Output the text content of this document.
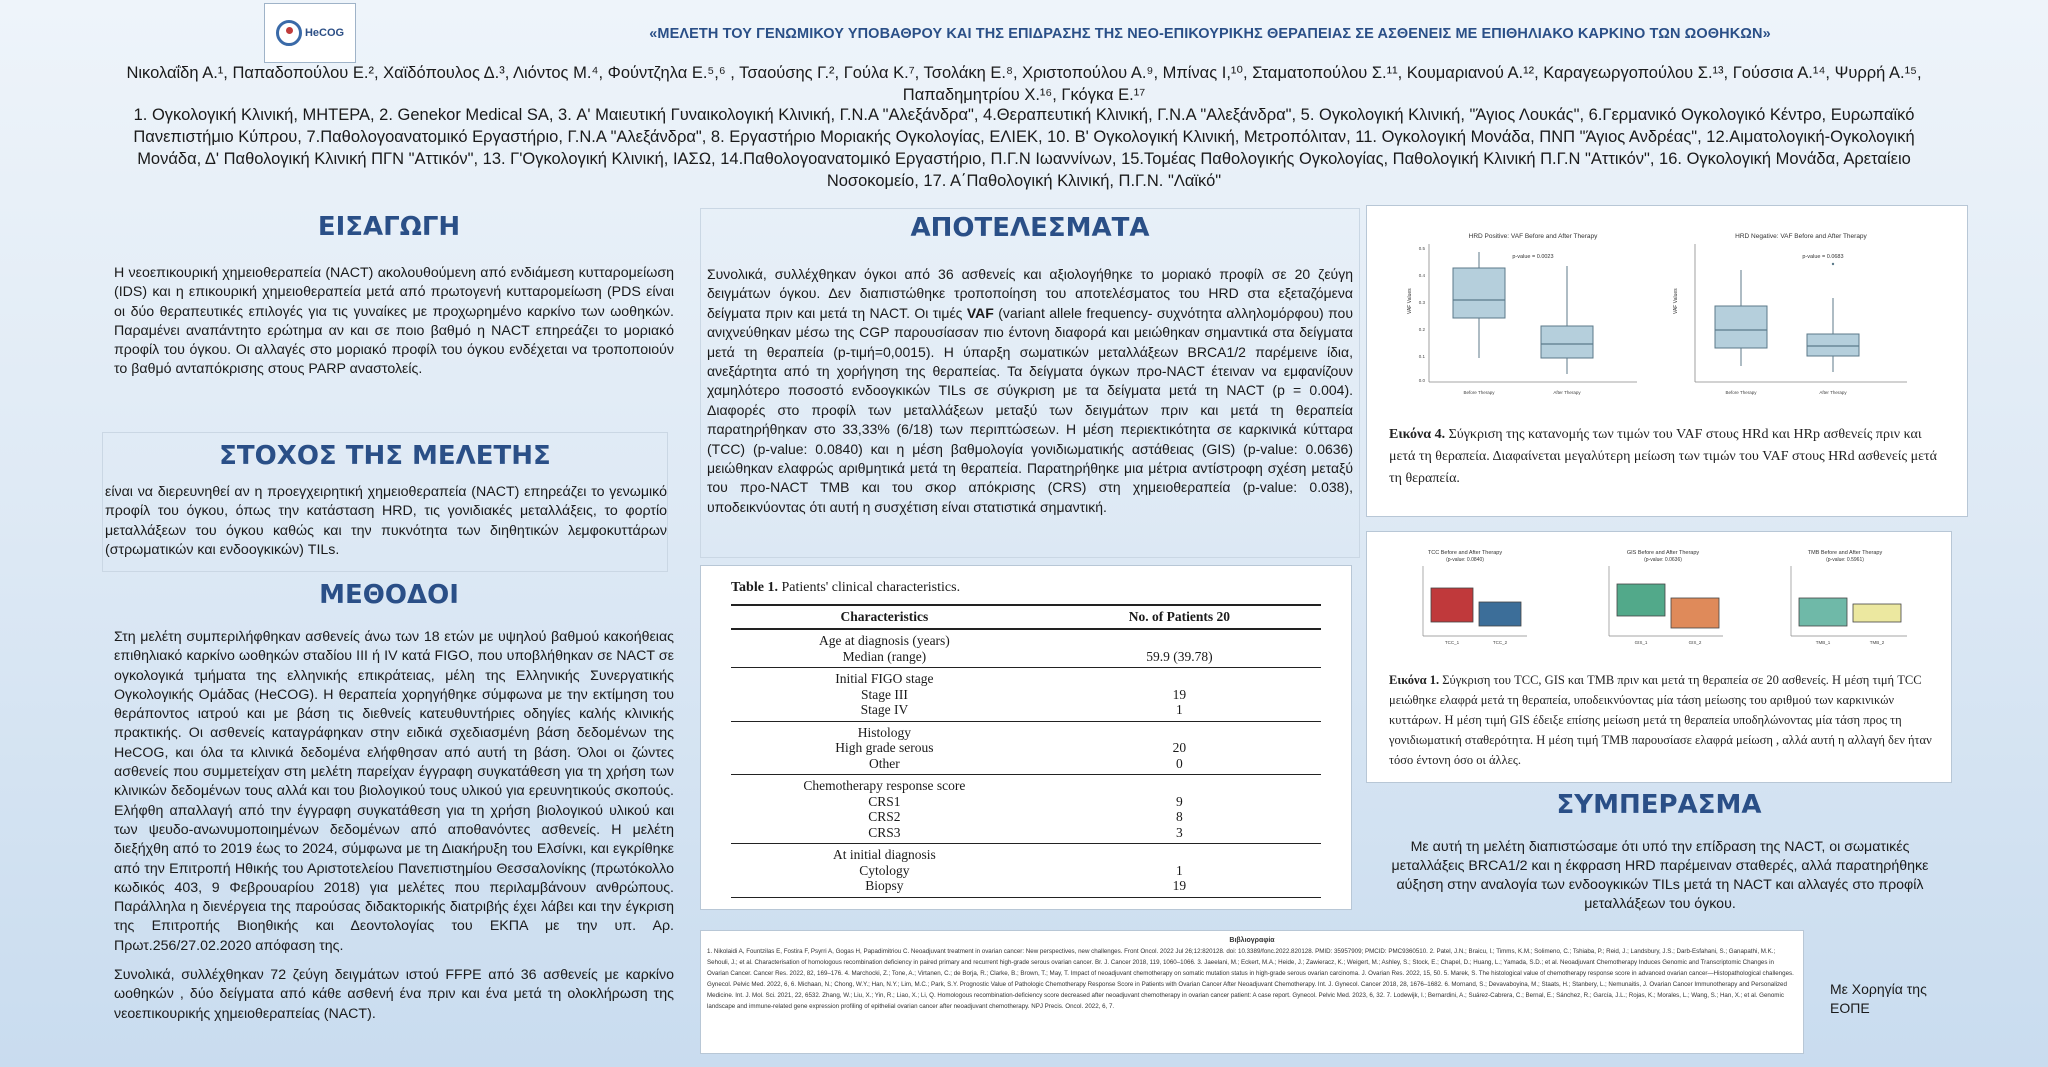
HeCOG	«ΜΕΛΕΤΗ ΤΟΥ ΓΕΝΩΜΙΚΟΥ ΥΠΟΒΑΘΡΟΥ ΚΑΙ ΤΗΣ ΕΠΙΔΡΑΣΗΣ ΤΗΣ ΝΕΟ-ΕΠΙΚΟΥΡΙΚΗΣ ΘΕΡΑΠΕΙΑΣ ΣΕ ΑΣΘΕΝΕΙΣ ΜΕ ΕΠΙΘΗΛΙΑΚΟ ΚΑΡΚΙΝΟ ΤΩΝ ΩΟΘΗΚΩΝ»
Νικολαΐδη Α.¹, Παπαδοπούλου Ε.², Χαϊδόπουλος Δ.³, Λιόντος Μ.⁴, Φούντζηλα Ε.⁵,⁶ , Τσαούσης Γ.², Γούλα Κ.⁷, Τσολάκη Ε.⁸, Χριστοπούλου Α.⁹, Μπίνας Ι,¹⁰, Σταματοπούλου Σ.¹¹, Κουμαριανού Α.¹², Καραγεωργοπούλου Σ.¹³, Γούσσια Α.¹⁴, Ψυρρή Α.¹⁵, Παπαδημητρίου Χ.¹⁶, Γκόγκα Ε.¹⁷
1. Ογκολογική Κλινική, ΜΗΤΕΡΑ, 2. Genekor Medical SA, 3. Α' Μαιευτική Γυναικολογική Κλινική, Γ.Ν.Α "Αλεξάνδρα", 4.Θεραπευτική Κλινική, Γ.Ν.Α "Αλεξάνδρα", 5. Ογκολογική Κλινική, "Άγιος Λουκάς", 6.Γερμανικό Ογκολογικό Κέντρο, Ευρωπαϊκό Πανεπιστήμιο Κύπρου, 7.Παθολογοανατομικό Εργαστήριο, Γ.Ν.Α "Αλεξάνδρα", 8. Εργαστήριο Μοριακής Ογκολογίας, ΕΛΙΕΚ, 10. Β' Ογκολογική Κλινική, Μετροπόλιταν, 11. Ογκολογική Μονάδα, ΠΝΠ "Άγιος Ανδρέας", 12.Αιματολογική-Ογκολογική Μονάδα, Δ' Παθολογική Κλινική ΠΓΝ "Αττικόν", 13. Γ'Ογκολογική Κλινική, ΙΑΣΩ, 14.Παθολογοανατομικό Εργαστήριο, Π.Γ.Ν Ιωαννίνων, 15.Τομέας Παθολογικής Ογκολογίας, Παθολογική Κλινική Π.Γ.Ν "Αττικόν", 16. Ογκολογική Μονάδα, Αρεταίειο Νοσοκομείο, 17. Α΄Παθολογική Κλινική, Π.Γ.Ν. "Λαϊκό"
ΕΙΣΑΓΩΓΗ
Η νεοεπικουρική χημειοθεραπεία (NACT) ακολουθούμενη από ενδιάμεση κυτταρομείωση (IDS) και η επικουρική χημειοθεραπεία μετά από πρωτογενή κυτταρομείωση (PDS είναι οι δύο θεραπευτικές επιλογές για τις γυναίκες με προχωρημένο καρκίνο των ωοθηκών. Παραμένει αναπάντητο ερώτημα αν και σε ποιο βαθμό η NACT επηρεάζει το μοριακό προφίλ του όγκου. Οι αλλαγές στο μοριακό προφίλ του όγκου ενδέχεται να τροποποιούν το βαθμό ανταπόκρισης στους PARP αναστολείς.
ΣΤΟΧΟΣ ΤΗΣ ΜΕΛΕΤΗΣ
είναι να διερευνηθεί αν η προεγχειρητική χημειοθεραπεία (NACT) επηρεάζει το γενωμικό προφίλ του όγκου, όπως την κατάσταση HRD, τις γονιδιακές μεταλλάξεις, το φορτίο μεταλλάξεων του όγκου καθώς και την πυκνότητα των διηθητικών λεμφοκυττάρων (στρωματικών και ενδοογκικών) TILs.
ΜΕΘΟΔΟΙ
Στη μελέτη συμπεριλήφθηκαν ασθενείς άνω των 18 ετών με υψηλού βαθμού κακοήθειας επιθηλιακό καρκίνο ωοθηκών σταδίου III ή IV κατά FIGO, που υποβλήθηκαν σε NACT σε ογκολογικά τμήματα της ελληνικής επικράτειας, μέλη της Ελληνικής Συνεργατικής Ογκολογικής Ομάδας (HeCOG). Η θεραπεία χορηγήθηκε σύμφωνα με την εκτίμηση του θεράποντος ιατρού και με βάση τις διεθνείς κατευθυντήριες οδηγίες καλής κλινικής πρακτικής. Οι ασθενείς καταγράφηκαν στην ειδικά σχεδιασμένη βάση δεδομένων της HeCOG, και όλα τα κλινικά δεδομένα ελήφθησαν από αυτή τη βάση. Όλοι οι ζώντες ασθενείς που συμμετείχαν στη μελέτη παρείχαν έγγραφη συγκατάθεση για τη χρήση των κλινικών δεδομένων τους αλλά και του βιολογικού τους υλικού για ερευνητικούς σκοπούς. Ελήφθη απαλλαγή από την έγγραφη συγκατάθεση για τη χρήση βιολογικού υλικού και των ψευδο-ανωνυμοποιημένων δεδομένων από αποθανόντες ασθενείς. Η μελέτη διεξήχθη από το 2019 έως το 2024, σύμφωνα με τη Διακήρυξη του Ελσίνκι, και εγκρίθηκε από την Επιτροπή Ηθικής του Αριστοτελείου Πανεπιστημίου Θεσσαλονίκης (πρωτόκολλο κωδικός 403, 9 Φεβρουαρίου 2018) για μελέτες που περιλαμβάνουν ανθρώπους. Παράλληλα η διενέργεια της παρούσας διδακτορικής διατριβής έχει λάβει και την έγκριση της Επιτροπής Βιοηθικής και Δεοντολογίας του ΕΚΠΑ με την υπ. Αρ. Πρωτ.256/27.02.2020 απόφαση της.
Συνολικά, συλλέχθηκαν 72 ζεύγη δειγμάτων ιστού FFPE από 36 ασθενείς με καρκίνο ωοθηκών , δύο δείγματα από κάθε ασθενή ένα πριν και ένα μετά τη ολοκλήρωση της νεοεπικουρικής χημειοθεραπείας (NACT).
ΑΠΟΤΕΛΕΣΜΑΤΑ
Συνολικά, συλλέχθηκαν όγκοι από 36 ασθενείς και αξιολογήθηκε το μοριακό προφίλ σε 20 ζεύγη δειγμάτων όγκου. Δεν διαπιστώθηκε τροποποίηση του αποτελέσματος του HRD στα εξεταζόμενα δείγματα πριν και μετά τη NACT. Οι τιμές VAF (variant allele frequency- συχνότητα αλληλομόρφου) που ανιχνεύθηκαν μέσω της CGP παρουσίασαν πιο έντονη διαφορά και μειώθηκαν σημαντικά στα δείγματα μετά τη θεραπεία (p-τιμή=0,0015). Η ύπαρξη σωματικών μεταλλάξεων BRCA1/2 παρέμεινε ίδια, ανεξάρτητα από τη χορήγηση της θεραπείας. Τα δείγματα όγκων προ-NACT έτειναν να εμφανίζουν χαμηλότερο ποσοστό ενδοογκικών TILs σε σύγκριση με τα δείγματα μετά τη NACT (p = 0.004). Διαφορές στο προφίλ των μεταλλάξεων μεταξύ των δειγμάτων πριν και μετά τη θεραπεία παρατηρήθηκαν στο 33,33% (6/18) των περιπτώσεων. Η μέση περιεκτικότητα σε καρκινικά κύτταρα (TCC) (p-value: 0.0840) και η μέση βαθμολογία γονιδιωματικής αστάθειας (GIS) (p-value: 0.0636) μειώθηκαν ελαφρώς αριθμητικά μετά τη θεραπεία. Παρατηρήθηκε μια μέτρια αντίστροφη σχέση μεταξύ του προ-NACT TMB και του σκορ απόκρισης (CRS) στη χημειοθεραπεία (p-value: 0.038), υποδεικνύοντας ότι αυτή η συσχέτιση είναι στατιστικά σημαντική.
Table 1. Patients' clinical characteristics.
Characteristics	No. of Patients 20
Age at diagnosis (years)	
Median (range)	59.9 (39.78)
Initial FIGO stage	
Stage III	19
Stage IV	1
Histology	
High grade serous	20
Other	0
Chemotherapy response score	
CRS1	9
CRS2	8
CRS3	3
At initial diagnosis	
Cytology	1
Biopsy	19
Βιβλιογραφία
1. Nikolaidi A, Fountzilas E, Fostira F, Psyrri A, Gogas H, Papadimitriou C. Neoadjuvant treatment in ovarian cancer: New perspectives, new challenges. Front Oncol. 2022 Jul 26;12:820128. doi: 10.3389/fonc.2022.820128. PMID: 35957909; PMCID: PMC9360510. 2. Patel, J.N.; Braicu, I.; Timms, K.M.; Solimeno, C.; Tshiaba, P.; Reid, J.; Landsbury, J.S.; Darb-Esfahani, S.; Ganapathi, M.K.; Sehouli, J.; et al. Characterisation of homologous recombination deficiency in paired primary and recurrent high-grade serous ovarian cancer. Br. J. Cancer 2018, 119, 1060–1066. 3. Jaeelani, M.; Eckert, M.A.; Heide, J.; Zawieracz, K.; Weigert, M.; Ashley, S.; Stock, E.; Chapel, D.; Huang, L.; Yamada, S.D.; et al. Neoadjuvant Chemotherapy Induces Genomic and Transcriptomic Changes in Ovarian Cancer. Cancer Res. 2022, 82, 169–176. 4. Marchocki, Z.; Tone, A.; Virtanen, C.; de Borja, R.; Clarke, B.; Brown, T.; May, T. Impact of neoadjuvant chemotherapy on somatic mutation status in high-grade serous ovarian carcinoma. J. Ovarian Res. 2022, 15, 50. 5. Marek, S. The histological value of chemotherapy response score in advanced ovarian cancer—Histopathological challenges. Gynecol. Pelvic Med. 2022, 6, 6. Michaan, N.; Chong, W.Y.; Han, N.Y.; Lim, M.C.; Park, S.Y. Prognostic Value of Pathologic Chemotherapy Response Score in Patients with Ovarian Cancer After Neoadjuvant Chemotherapy. Int. J. Gynecol. Cancer 2018, 28, 1676–1682. 6. Mornand, S.; Devavaboyina, M.; Staats, H.; Stanbery, L.; Nemunaitis, J. Ovarian Cancer Immunotherapy and Personalized Medicine. Int. J. Mol. Sci. 2021, 22, 6532. Zhang, W.; Liu, X.; Yin, R.; Liao, X.; Li, Q. Homologous recombination-deficiency score decreased after neoadjuvant chemotherapy in ovarian cancer patient: A case report. Gynecol. Pelvic Med. 2023, 6, 32. 7. Lodewijk, I.; Bernardini, A.; Suárez-Cabrera, C.; Bernal, E.; Sánchez, R.; García, J.L.; Rojas, K.; Morales, L.; Wang, S.; Han, X.; et al. Genomic landscape and immune-related gene expression profiling of epithelial ovarian cancer after neoadjuvant chemotherapy. NPJ Precis. Oncol. 2022, 6, 7.
HRD Positive: VAF Before and After Therapy
p-value = 0.0023
VAF Values
0.5
0.4
0.3
0.2
0.1
0.0
Before Therapy	After Therapy
HRD Negative: VAF Before and After Therapy
p-value = 0.0683
VAF Values
Before Therapy	After Therapy
Εικόνα 4. Σύγκριση της κατανομής των τιμών του VAF στους HRd και HRp ασθενείς πριν και μετά τη θεραπεία. Διαφαίνεται μεγαλύτερη μείωση των τιμών του VAF στους HRd ασθενείς μετά τη θεραπεία.
TCC Before and After Therapy
(p-value: 0.0840)
TCC_1	TCC_2
GIS Before and After Therapy
(p-value: 0.0636)
GIS_1	GIS_2
TMB Before and After Therapy
(p-value: 0.5961)
TMB_1	TMB_2
Εικόνα 1. Σύγκριση του TCC, GIS και TMB πριν και μετά τη θεραπεία σε 20 ασθενείς. Η μέση τιμή TCC μειώθηκε ελαφρά μετά τη θεραπεία, υποδεικνύοντας μία τάση μείωσης του αριθμού των καρκινικών κυττάρων. Η μέση τιμή GIS έδειξε επίσης μείωση μετά τη θεραπεία υποδηλώνοντας μία τάση προς τη γονιδιωματική σταθερότητα. Η μέση τιμή TMB παρουσίασε ελαφρά μείωση , αλλά αυτή η αλλαγή δεν ήταν τόσο έντονη όσο οι άλλες.
ΣΥΜΠΕΡΑΣΜΑ
Με αυτή τη μελέτη διαπιστώσαμε ότι υπό την επίδραση της NACT, οι σωματικές μεταλλάξεις BRCA1/2 και η έκφραση HRD παρέμειναν σταθερές, αλλά παρατηρήθηκε αύξηση στην αναλογία των ενδοογκικών TILs μετά τη NACT και αλλαγές στο προφίλ μεταλλάξεων του όγκου.
Με Χορηγία της ΕΟΠΕ
